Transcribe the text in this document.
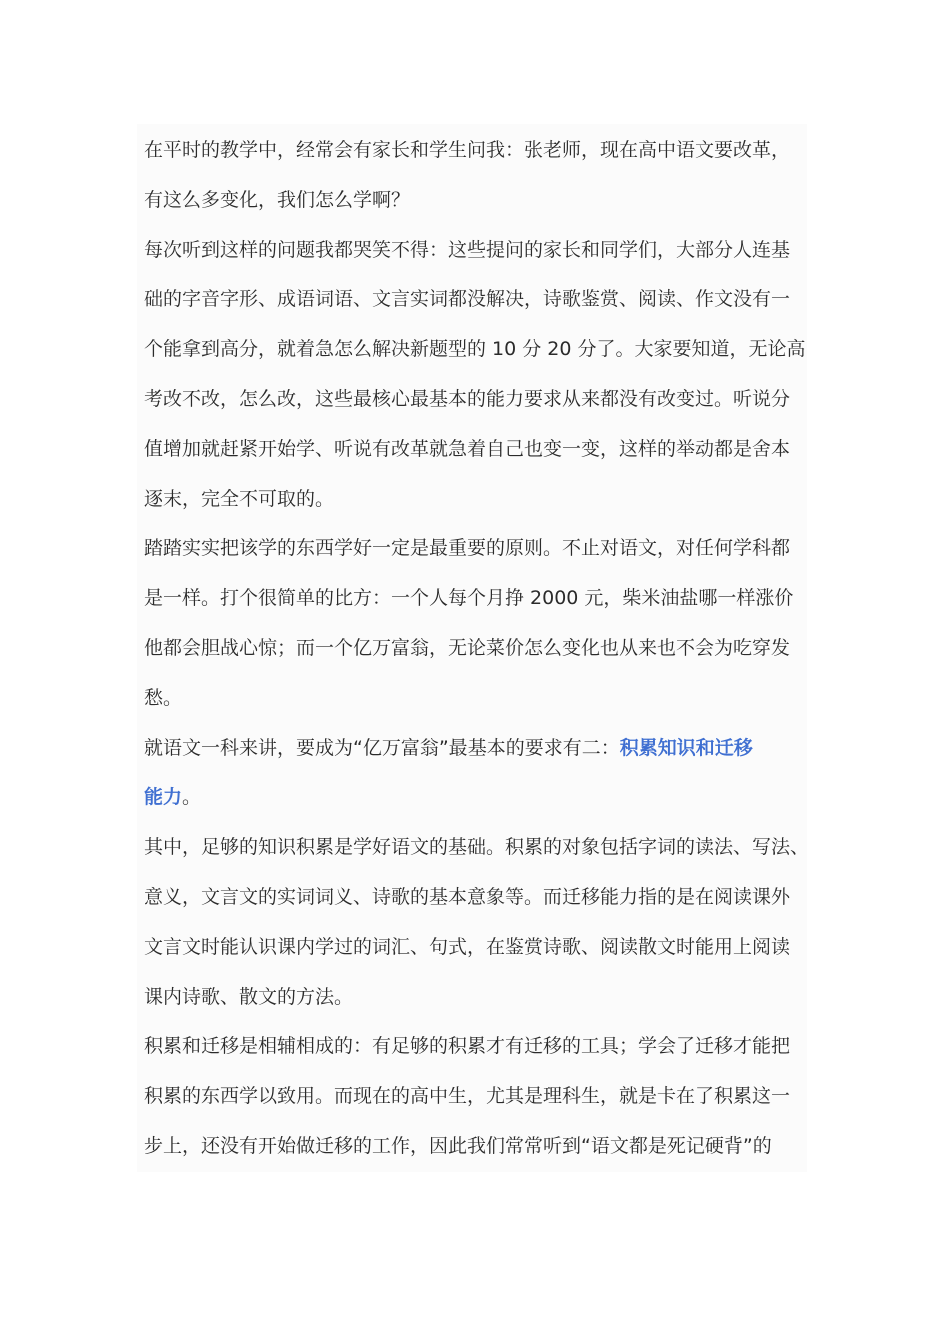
在平时的教学中，经常会有家长和学生问我：张老师，现在高中语文要改革，
有这么多变化，我们怎么学啊？
每次听到这样的问题我都哭笑不得：这些提问的家长和同学们，大部分人连基
础的字音字形、成语词语、文言实词都没解决，诗歌鉴赏、阅读、作文没有一
个能拿到高分，就着急怎么解决新题型的 10 分 20 分了。大家要知道，无论高
考改不改，怎么改，这些最核心最基本的能力要求从来都没有改变过。听说分
值增加就赶紧开始学、听说有改革就急着自己也变一变，这样的举动都是舍本
逐末，完全不可取的。
踏踏实实把该学的东西学好一定是最重要的原则。不止对语文，对任何学科都
是一样。打个很简单的比方：一个人每个月挣 2000 元，柴米油盐哪一样涨价
他都会胆战心惊；而一个亿万富翁，无论菜价怎么变化也从来也不会为吃穿发
愁。
就语文一科来讲，要成为“亿万富翁”最基本的要求有二：积累知识和迁移
能力。
其中，足够的知识积累是学好语文的基础。积累的对象包括字词的读法、写法、
意义，文言文的实词词义、诗歌的基本意象等。而迁移能力指的是在阅读课外
文言文时能认识课内学过的词汇、句式，在鉴赏诗歌、阅读散文时能用上阅读
课内诗歌、散文的方法。
积累和迁移是相辅相成的：有足够的积累才有迁移的工具；学会了迁移才能把
积累的东西学以致用。而现在的高中生，尤其是理科生，就是卡在了积累这一
步上，还没有开始做迁移的工作，因此我们常常听到“语文都是死记硬背”的
